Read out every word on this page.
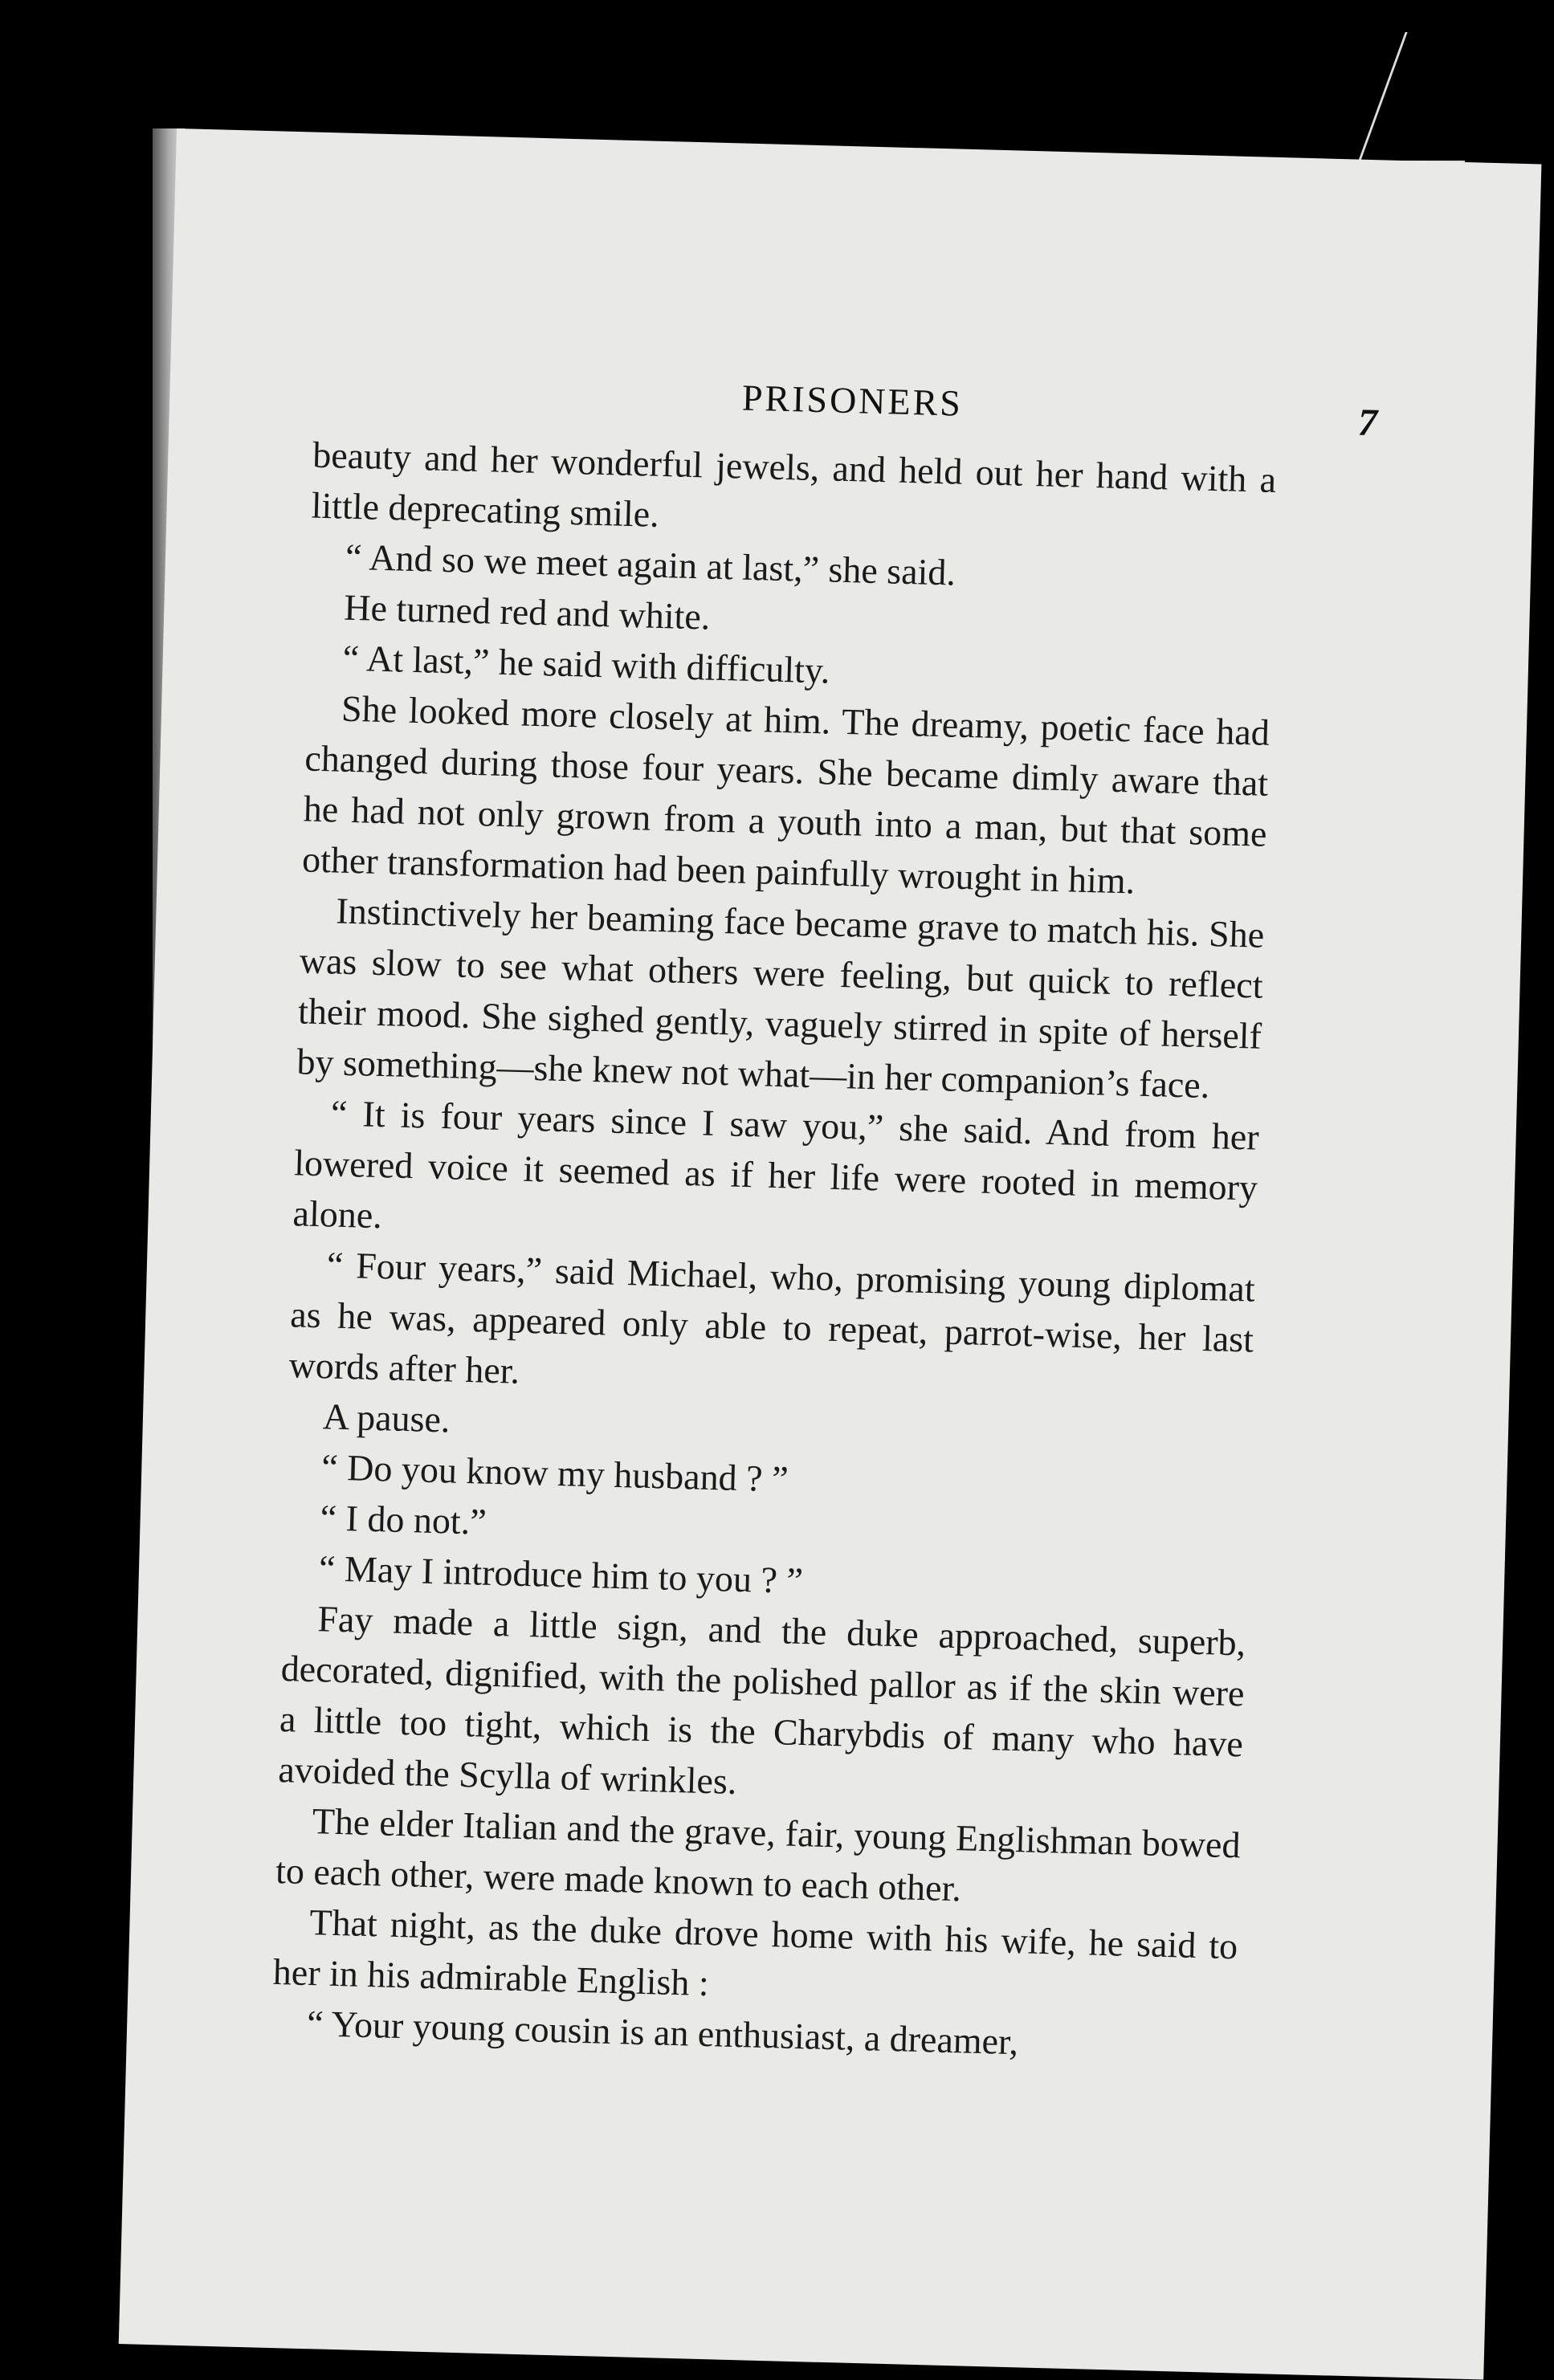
PRISONERS	7

beauty and her wonderful jewels, and held out her hand with a little deprecating smile.

“ And so we meet again at last,” she said.

He turned red and white.

“ At last,” he said with difficulty.

She looked more closely at him. The dreamy, poetic face had changed during those four years. She became dimly aware that he had not only grown from a youth into a man, but that some other transformation had been painfully wrought in him.

Instinctively her beaming face became grave to match his. She was slow to see what others were feeling, but quick to reflect their mood. She sighed gently, vaguely stirred in spite of herself by something—she knew not what—in her companion’s face.

“ It is four years since I saw you,” she said. And from her lowered voice it seemed as if her life were rooted in memory alone.

“ Four years,” said Michael, who, promising young diplomat as he was, appeared only able to repeat, parrot-wise, her last words after her.

A pause.

“ Do you know my husband ? ”

“ I do not.”

“ May I introduce him to you ? ”

Fay made a little sign, and the duke approached, superb, decorated, dignified, with the polished pallor as if the skin were a little too tight, which is the Charybdis of many who have avoided the Scylla of wrinkles.

The elder Italian and the grave, fair, young Englishman bowed to each other, were made known to each other.

That night, as the duke drove home with his wife, he said to her in his admirable English :

“ Your young cousin is an enthusiast, a dreamer,
